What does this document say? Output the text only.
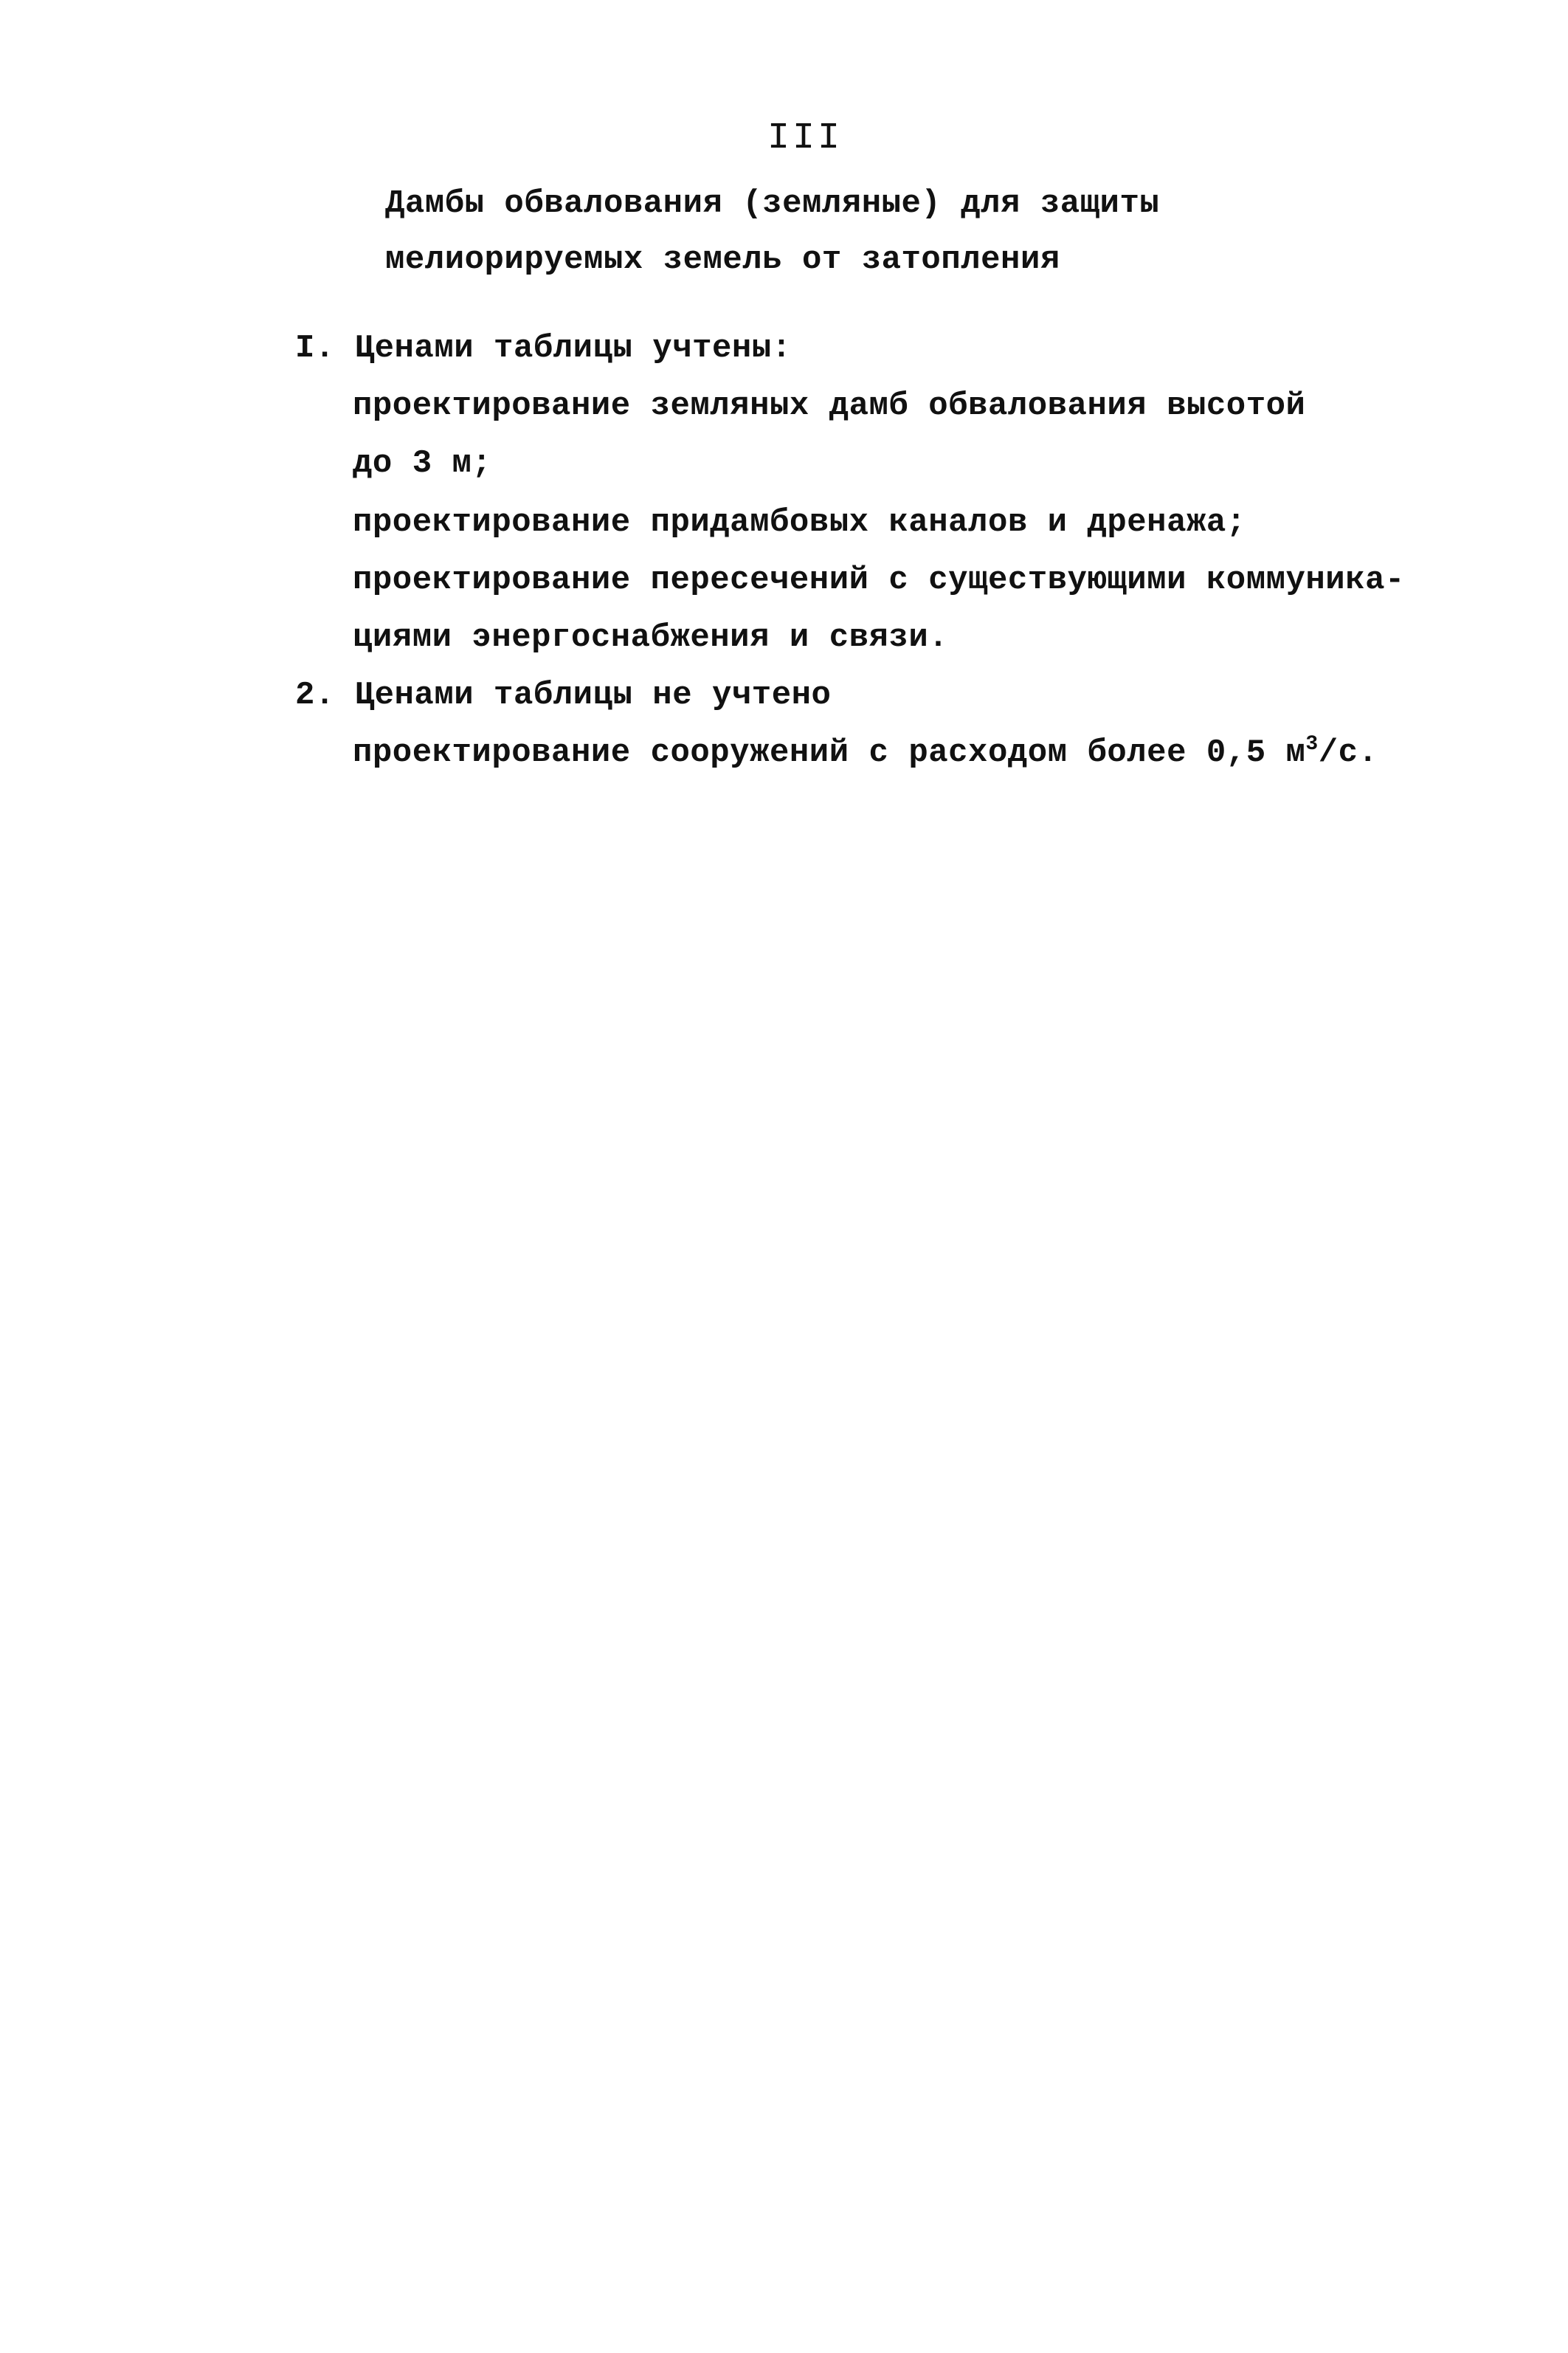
III
Дамбы обвалования (земляные) для защиты
мелиорируемых земель от затопления
I. Ценами таблицы учтены:
проектирование земляных дамб обвалования высотой
до 3 м;
проектирование придамбовых каналов и дренажа;
проектирование пересечений с существующими коммуника-
циями энергоснабжения и связи.
2. Ценами таблицы не учтено
проектирование сооружений с расходом более 0,5 $м^3/с$.
